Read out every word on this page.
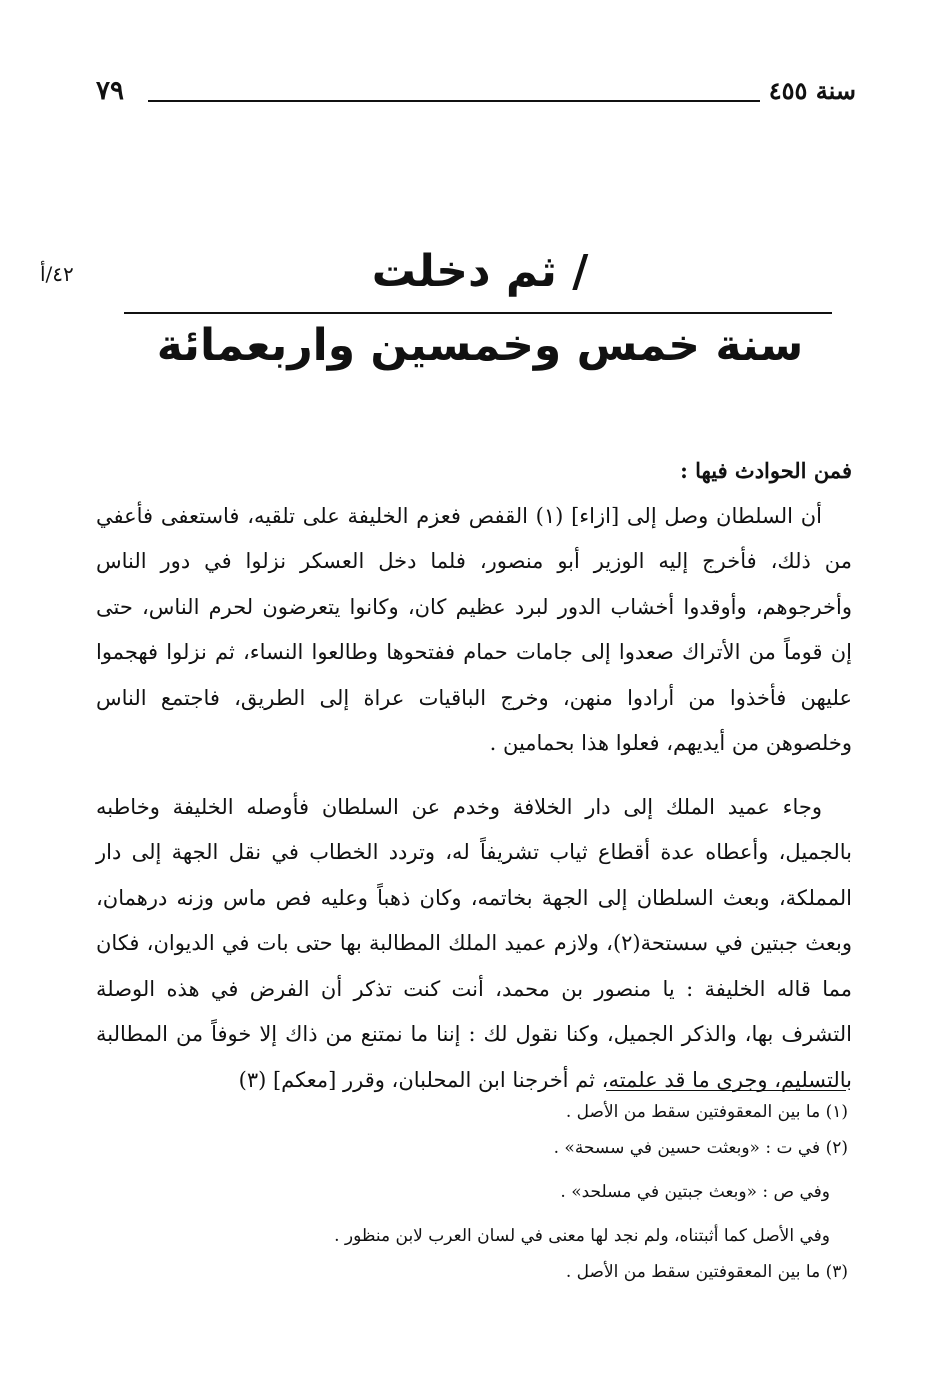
٧٩	سنة ٤٥٥
٤٢/أ	/ ثم دخلت
سنة خمس وخمسين واربعمائة

فمن الحوادث فيها :

أن السلطان وصل إلى [ازاء] (١) القفص فعزم الخليفة على تلقيه، فاستعفى فأعفي من ذلك، فأخرج إليه الوزير أبو منصور، فلما دخل العسكر نزلوا في دور الناس وأخرجوهم، وأوقدوا أخشاب الدور لبرد عظيم كان، وكانوا يتعرضون لحرم الناس، حتى إن قوماً من الأتراك صعدوا إلى جامات حمام ففتحوها وطالعوا النساء، ثم نزلوا فهجموا عليهن فأخذوا من أرادوا منهن، وخرج الباقيات عراة إلى الطريق، فاجتمع الناس وخلصوهن من أيديهم، فعلوا هذا بحمامين .

وجاء عميد الملك إلى دار الخلافة وخدم عن السلطان فأوصله الخليفة وخاطبه بالجميل، وأعطاه عدة أقطاع ثياب تشريفاً له، وتردد الخطاب في نقل الجهة إلى دار المملكة، وبعث السلطان إلى الجهة بخاتمه، وكان ذهباً وعليه فص ماس وزنه درهمان، وبعث جبتين في سستحة(٢)، ولازم عميد الملك المطالبة بها حتى بات في الديوان، فكان مما قاله الخليفة : يا منصور بن محمد، أنت كنت تذكر أن الفرض في هذه الوصلة التشرف بها، والذكر الجميل، وكنا نقول لك : إننا ما نمتنع من ذاك إلا خوفاً من المطالبة بالتسليم، وجرى ما قد علمته، ثم أخرجنا ابن المحلبان، وقرر [معكم] (٣)

(١) ما بين المعقوفتين سقط من الأصل .

(٢) في ت : «وبعثت حسين في سسحة» .

وفي ص : «وبعث جبتين في مسلحد» .

وفي الأصل كما أثبتناه، ولم نجد لها معنى في لسان العرب لابن منظور .

(٣) ما بين المعقوفتين سقط من الأصل .
